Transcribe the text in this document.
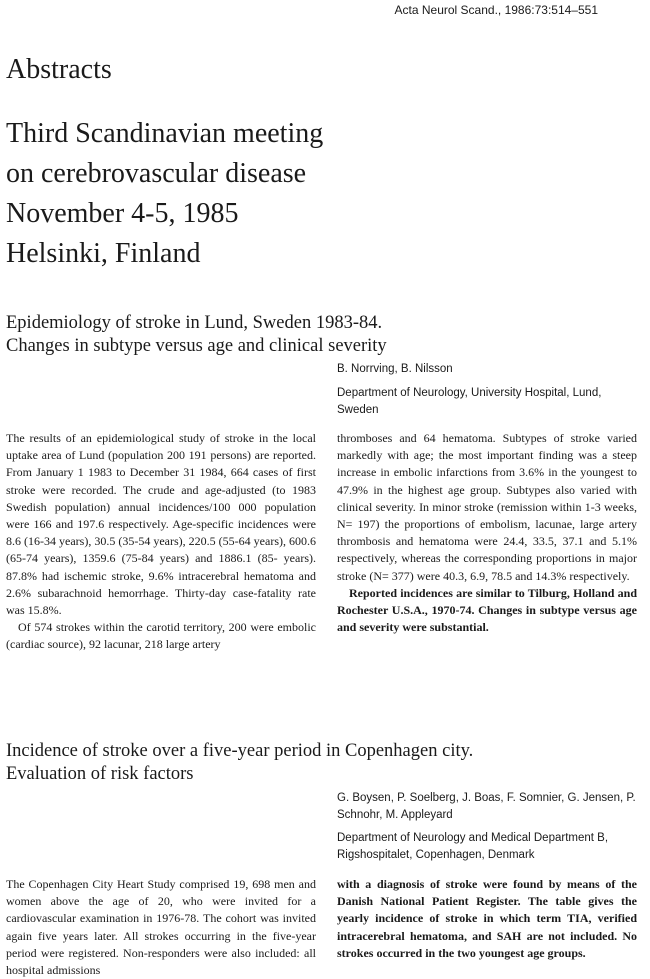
Acta Neurol Scand., 1986:73:514–551
Abstracts
Third Scandinavian meeting
on cerebrovascular disease
November 4-5, 1985
Helsinki, Finland
Epidemiology of stroke in Lund, Sweden 1983-84.
Changes in subtype versus age and clinical severity
B. Norrving, B. Nilsson
Department of Neurology, University Hospital, Lund, Sweden

The results of an epidemiological study of stroke in the local uptake area of Lund (population 200 191 persons) are reported. From January 1 1983 to December 31 1984, 664 cases of first stroke were recorded. The crude and age-adjusted (to 1983 Swedish population) annual incidences/100 000 population were 166 and 197.6 respectively. Age-specific incidences were 8.6 (16-34 years), 30.5 (35-54 years), 220.5 (55-64 years), 600.6 (65-74 years), 1359.6 (75-84 years) and 1886.1 (85- years). 87.8% had ischemic stroke, 9.6% intracerebral hematoma and 2.6% subarachnoid hemorrhage. Thirty-day case-fatality rate was 15.8%.

Of 574 strokes within the carotid territory, 200 were embolic (cardiac source), 92 lacunar, 218 large artery

thromboses and 64 hematoma. Subtypes of stroke varied markedly with age; the most important finding was a steep increase in embolic infarctions from 3.6% in the youngest to 47.9% in the highest age group. Subtypes also varied with clinical severity. In minor stroke (remission within 1-3 weeks, N= 197) the proportions of embolism, lacunae, large artery thrombosis and hematoma were 24.4, 33.5, 37.1 and 5.1% respectively, whereas the corresponding proportions in major stroke (N= 377) were 40.3, 6.9, 78.5 and 14.3% respectively.

Reported incidences are similar to Tilburg, Holland and Rochester U.S.A., 1970-74. Changes in subtype versus age and severity were substantial.

Incidence of stroke over a five-year period in Copenhagen city.
Evaluation of risk factors
G. Boysen, P. Soelberg, J. Boas, F. Somnier, G. Jensen, P. Schnohr, M. Appleyard
Department of Neurology and Medical Department B, Rigshospitalet, Copenhagen, Denmark

The Copenhagen City Heart Study comprised 19, 698 men and women above the age of 20, who were invited for a cardiovascular examination in 1976-78. The cohort was invited again five years later. All strokes occurring in the five-year period were registered. Non-responders were also included: all hospital admissions

with a diagnosis of stroke were found by means of the Danish National Patient Register. The table gives the yearly incidence of stroke in which term TIA, verified intracerebral hematoma, and SAH are not included. No strokes occurred in the two youngest age groups.
